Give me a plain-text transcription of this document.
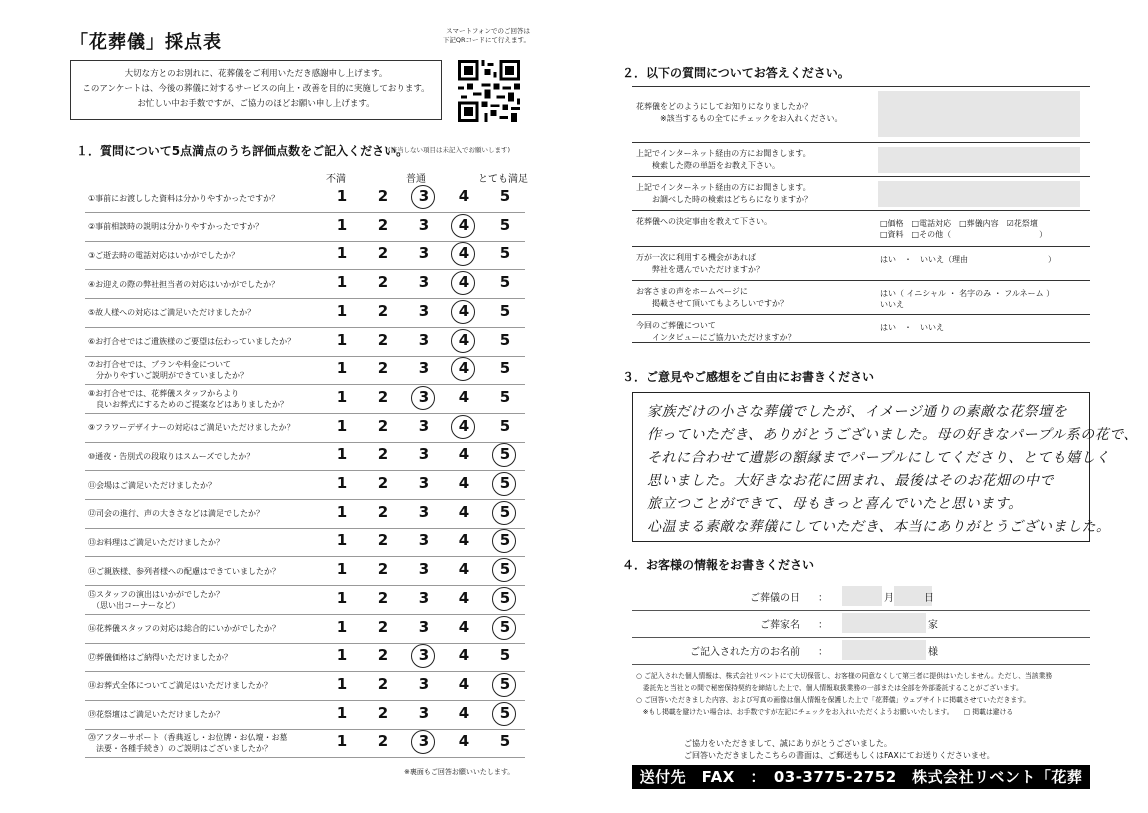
「花葬儀」採点表
スマートフォンでのご回答は
下記QRコードにて行えます。
大切な方とのお別れに、花葬儀をご利用いただき感謝申し上げます。
このアンケートは、今後の葬儀に対するサービスの向上・改善を目的に実施しております。
お忙しい中お手数ですが、ご協力のほどお願い申し上げます。
１．質問について5点満点のうち評価点数をご記入ください。
(該当しない項目は未記入でお願いします)
不満	普通	とても満足
①事前にお渡しした資料は分かりやすかったですか？	1	2	3	4	5
②事前相談時の説明は分かりやすかったですか？	1	2	3	4	5
③ご逝去時の電話対応はいかがでしたか？	1	2	3	4	5
④お迎えの際の弊社担当者の対応はいかがでしたか？	1	2	3	4	5
⑤故人様への対応はご満足いただけましたか？	1	2	3	4	5
⑥お打合せではご遺族様のご要望は伝わっていましたか？	1	2	3	4	5
⑦お打合せでは、プランや料金について
　分かりやすいご説明ができていましたか？	1	2	3	4	5
⑧お打合せでは、花葬儀スタッフからより
　良いお葬式にするためのご提案などはありましたか？	1	2	3	4	5
⑨フラワーデザイナーの対応はご満足いただけましたか？	1	2	3	4	5
⑩通夜・告別式の段取りはスムーズでしたか？	1	2	3	4	5
⑪会場はご満足いただけましたか？	1	2	3	4	5
⑫司会の進行、声の大きさなどは満足でしたか？	1	2	3	4	5
⑬お料理はご満足いただけましたか？	1	2	3	4	5
⑭ご親族様、参列者様への配慮はできていましたか？	1	2	3	4	5
⑮スタッフの演出はいかがでしたか？
　（思い出コーナーなど）	1	2	3	4	5
⑯花葬儀スタッフの対応は総合的にいかがでしたか？	1	2	3	4	5
⑰葬儀価格はご納得いただけましたか？	1	2	3	4	5
⑱お葬式全体についてご満足はいただけましたか？	1	2	3	4	5
⑲花祭壇はご満足いただけましたか？	1	2	3	4	5
⑳アフターサポート（香典返し・お位牌・お仏壇・お墓
　法要・各種手続き）のご説明はございましたか？	1	2	3	4	5
※裏面もご回答お願いいたします。
２．以下の質問についてお答えください。
花葬儀をどのようにしてお知りになりましたか？
　　　※該当するもの全てにチェックをお入れください。
上記でインターネット経由の方にお聞きします。
　　検索した際の単語をお教え下さい。
上記でインターネット経由の方にお聞きします。
　　お調べした時の検索はどちらになりますか？
花葬儀への決定事由を教えて下さい。	□価格　□電話対応　□葬儀内容　☑花祭壇
□資料　□その他（　　　　　　　　　　　）
万が一次に利用する機会があれば
　　弊社を選んでいただけますか？
はい　・　いいえ（理由　　　　　　　　　　）
お客さまの声をホームページに
　　掲載させて頂いてもよろしいですか？
はい（ イニシャル ・ 名字のみ ・ フルネーム ）
いいえ
今回のご葬儀について
　　インタビューにご協力いただけますか？
はい　・　いいえ
３．ご意見やご感想をご自由にお書きください
家族だけの小さな葬儀でしたが、イメージ通りの素敵な花祭壇を
作っていただき、ありがとうございました。母の好きなパープル系の花で、
それに合わせて遺影の額縁までパープルにしてくださり、とても嬉しく
思いました。大好きなお花に囲まれ、最後はそのお花畑の中で
旅立つことができて、母もきっと喜んでいたと思います。
心温まる素敵な葬儀にしていただき、本当にありがとうございました。
４．お客様の情報をお書きください
ご葬儀の日 ：	月　　　日
ご葬家名 ：	家
ご記入された方のお名前 ：	様
○ ご記入された個人情報は、株式会社リベントにて大切保管し、お客様の同意なくして第三者に提供はいたしません。ただし、当該業務
　委託先と当社との間で秘密保持契約を締結した上で、個人情報取扱業務の一部または全部を外部委託することがございます。
○ ご回答いただきました内容、および写真の画像は個人情報を保護した上で「花葬儀」ウェブサイトに掲載させていただきます。
　※もし掲載を避けたい場合は、お手数ですが左記にチェックをお入れいただくようお願いいたします。　　□ 掲載は避ける
ご協力をいただきまして、誠にありがとうございました。
ご回答いただきましたこちらの書面は、ご郵送もしくはFAXにてお送りくださいませ。
送付先　FAX　：　03-3775-2752　株式会社リベント「花葬儀」
